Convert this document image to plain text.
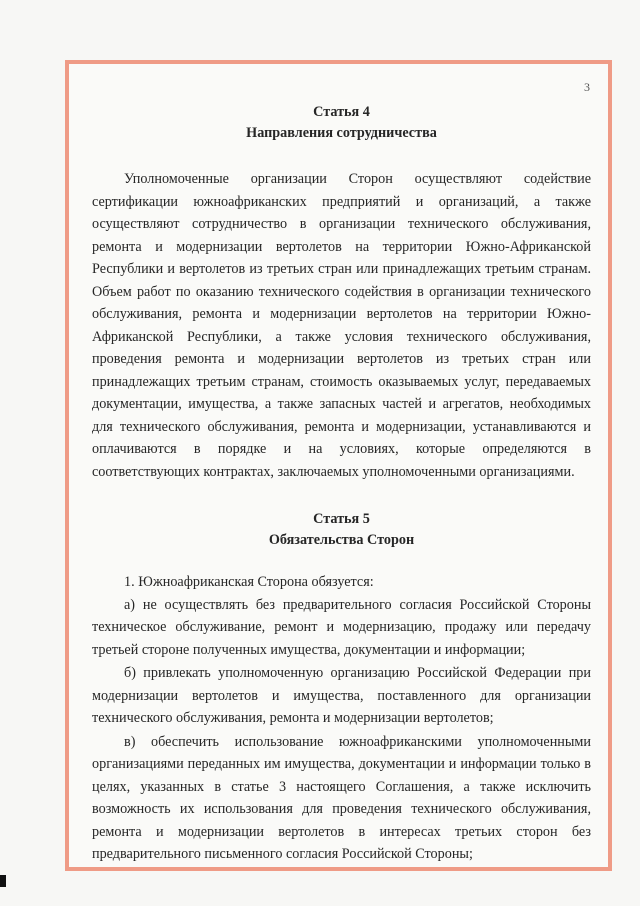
3

Статья 4

Направления сотрудничества

Уполномоченные организации Сторон осуществляют содействие сертификации южноафриканских предприятий и организаций, а также осуществляют сотрудничество в организации технического обслуживания, ремонта и модернизации вертолетов на территории Южно-Африканской Республики и вертолетов из третьих стран или принадлежащих третьим странам. Объем работ по оказанию технического содействия в организации технического обслуживания, ремонта и модернизации вертолетов на территории Южно-Африканской Республики, а также условия технического обслуживания, проведения ремонта и модернизации вертолетов из третьих стран или принадлежащих третьим странам, стоимость оказываемых услуг, передаваемых документации, имущества, а также запасных частей и агрегатов, необходимых для технического обслуживания, ремонта и модернизации, устанавливаются и оплачиваются в порядке и на условиях, которые определяются в соответствующих контрактах, заключаемых уполномоченными организациями.

Статья 5

Обязательства Сторон

1. Южноафриканская Сторона обязуется:

а) не осуществлять без предварительного согласия Российской Стороны техническое обслуживание, ремонт и модернизацию, продажу или передачу третьей стороне полученных имущества, документации и информации;

б) привлекать уполномоченную организацию Российской Федерации при модернизации вертолетов и имущества, поставленного для организации технического обслуживания, ремонта и модернизации вертолетов;

в) обеспечить использование южноафриканскими уполномоченными организациями переданных им имущества, документации и информации только в целях, указанных в статье 3 настоящего Соглашения, а также исключить возможность их использования для проведения технического обслуживания, ремонта и модернизации вертолетов в интересах третьих сторон без предварительного письменного согласия Российской Стороны;
